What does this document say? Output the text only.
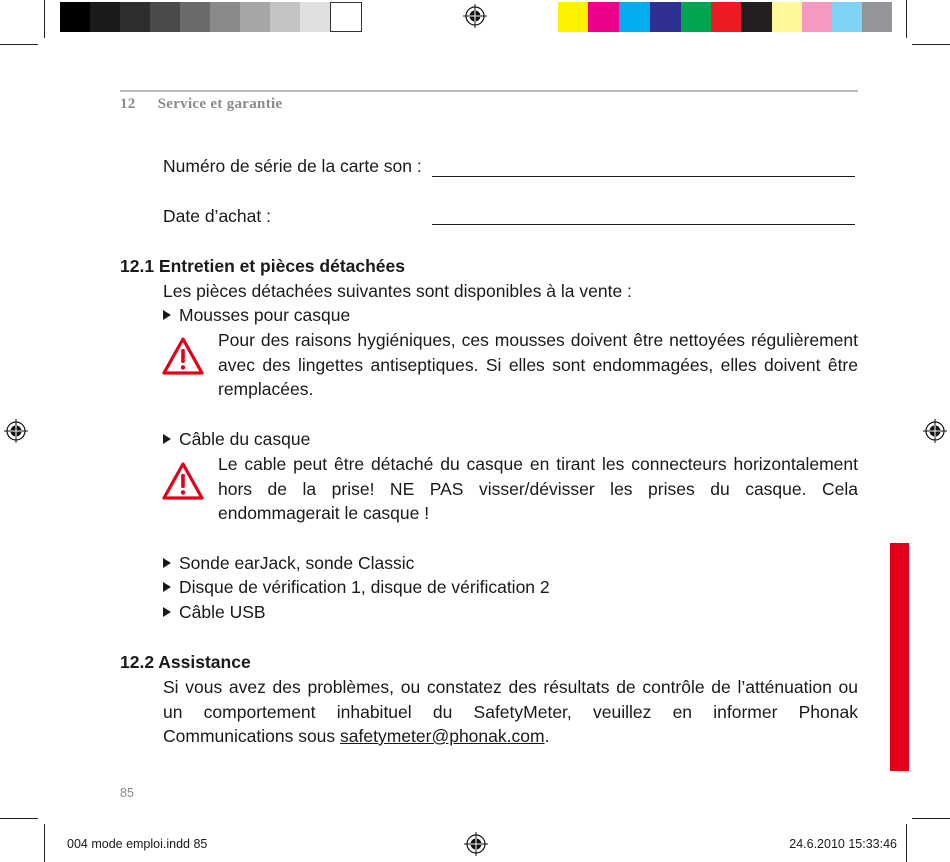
12 Service et garantie
Numéro de série de la carte son :
Date d’achat :
12.1 Entretien et pièces détachées
Les pièces détachées suivantes sont disponibles à la vente :
Mousses pour casque
Pour des raisons hygiéniques, ces mousses doivent être nettoyées régulièrement avec des lingettes antiseptiques. Si elles sont endommagées, elles doivent être remplacées.
Câble du casque
Le cable peut être détaché du casque en tirant les connecteurs horizontalement hors de la prise! NE PAS visser/dévisser les prises du casque. Cela endommagerait le casque !
Sonde earJack, sonde Classic
Disque de vérification 1, disque de vérification 2
Câble USB
12.2 Assistance
Si vous avez des problèmes, ou constatez des résultats de contrôle de l’atténuation ou un comportement inhabituel du SafetyMeter, veuillez en informer Phonak Communications sous safetymeter@phonak.com.
85
004 mode emploi.indd 85	24.6.2010 15:33:46
